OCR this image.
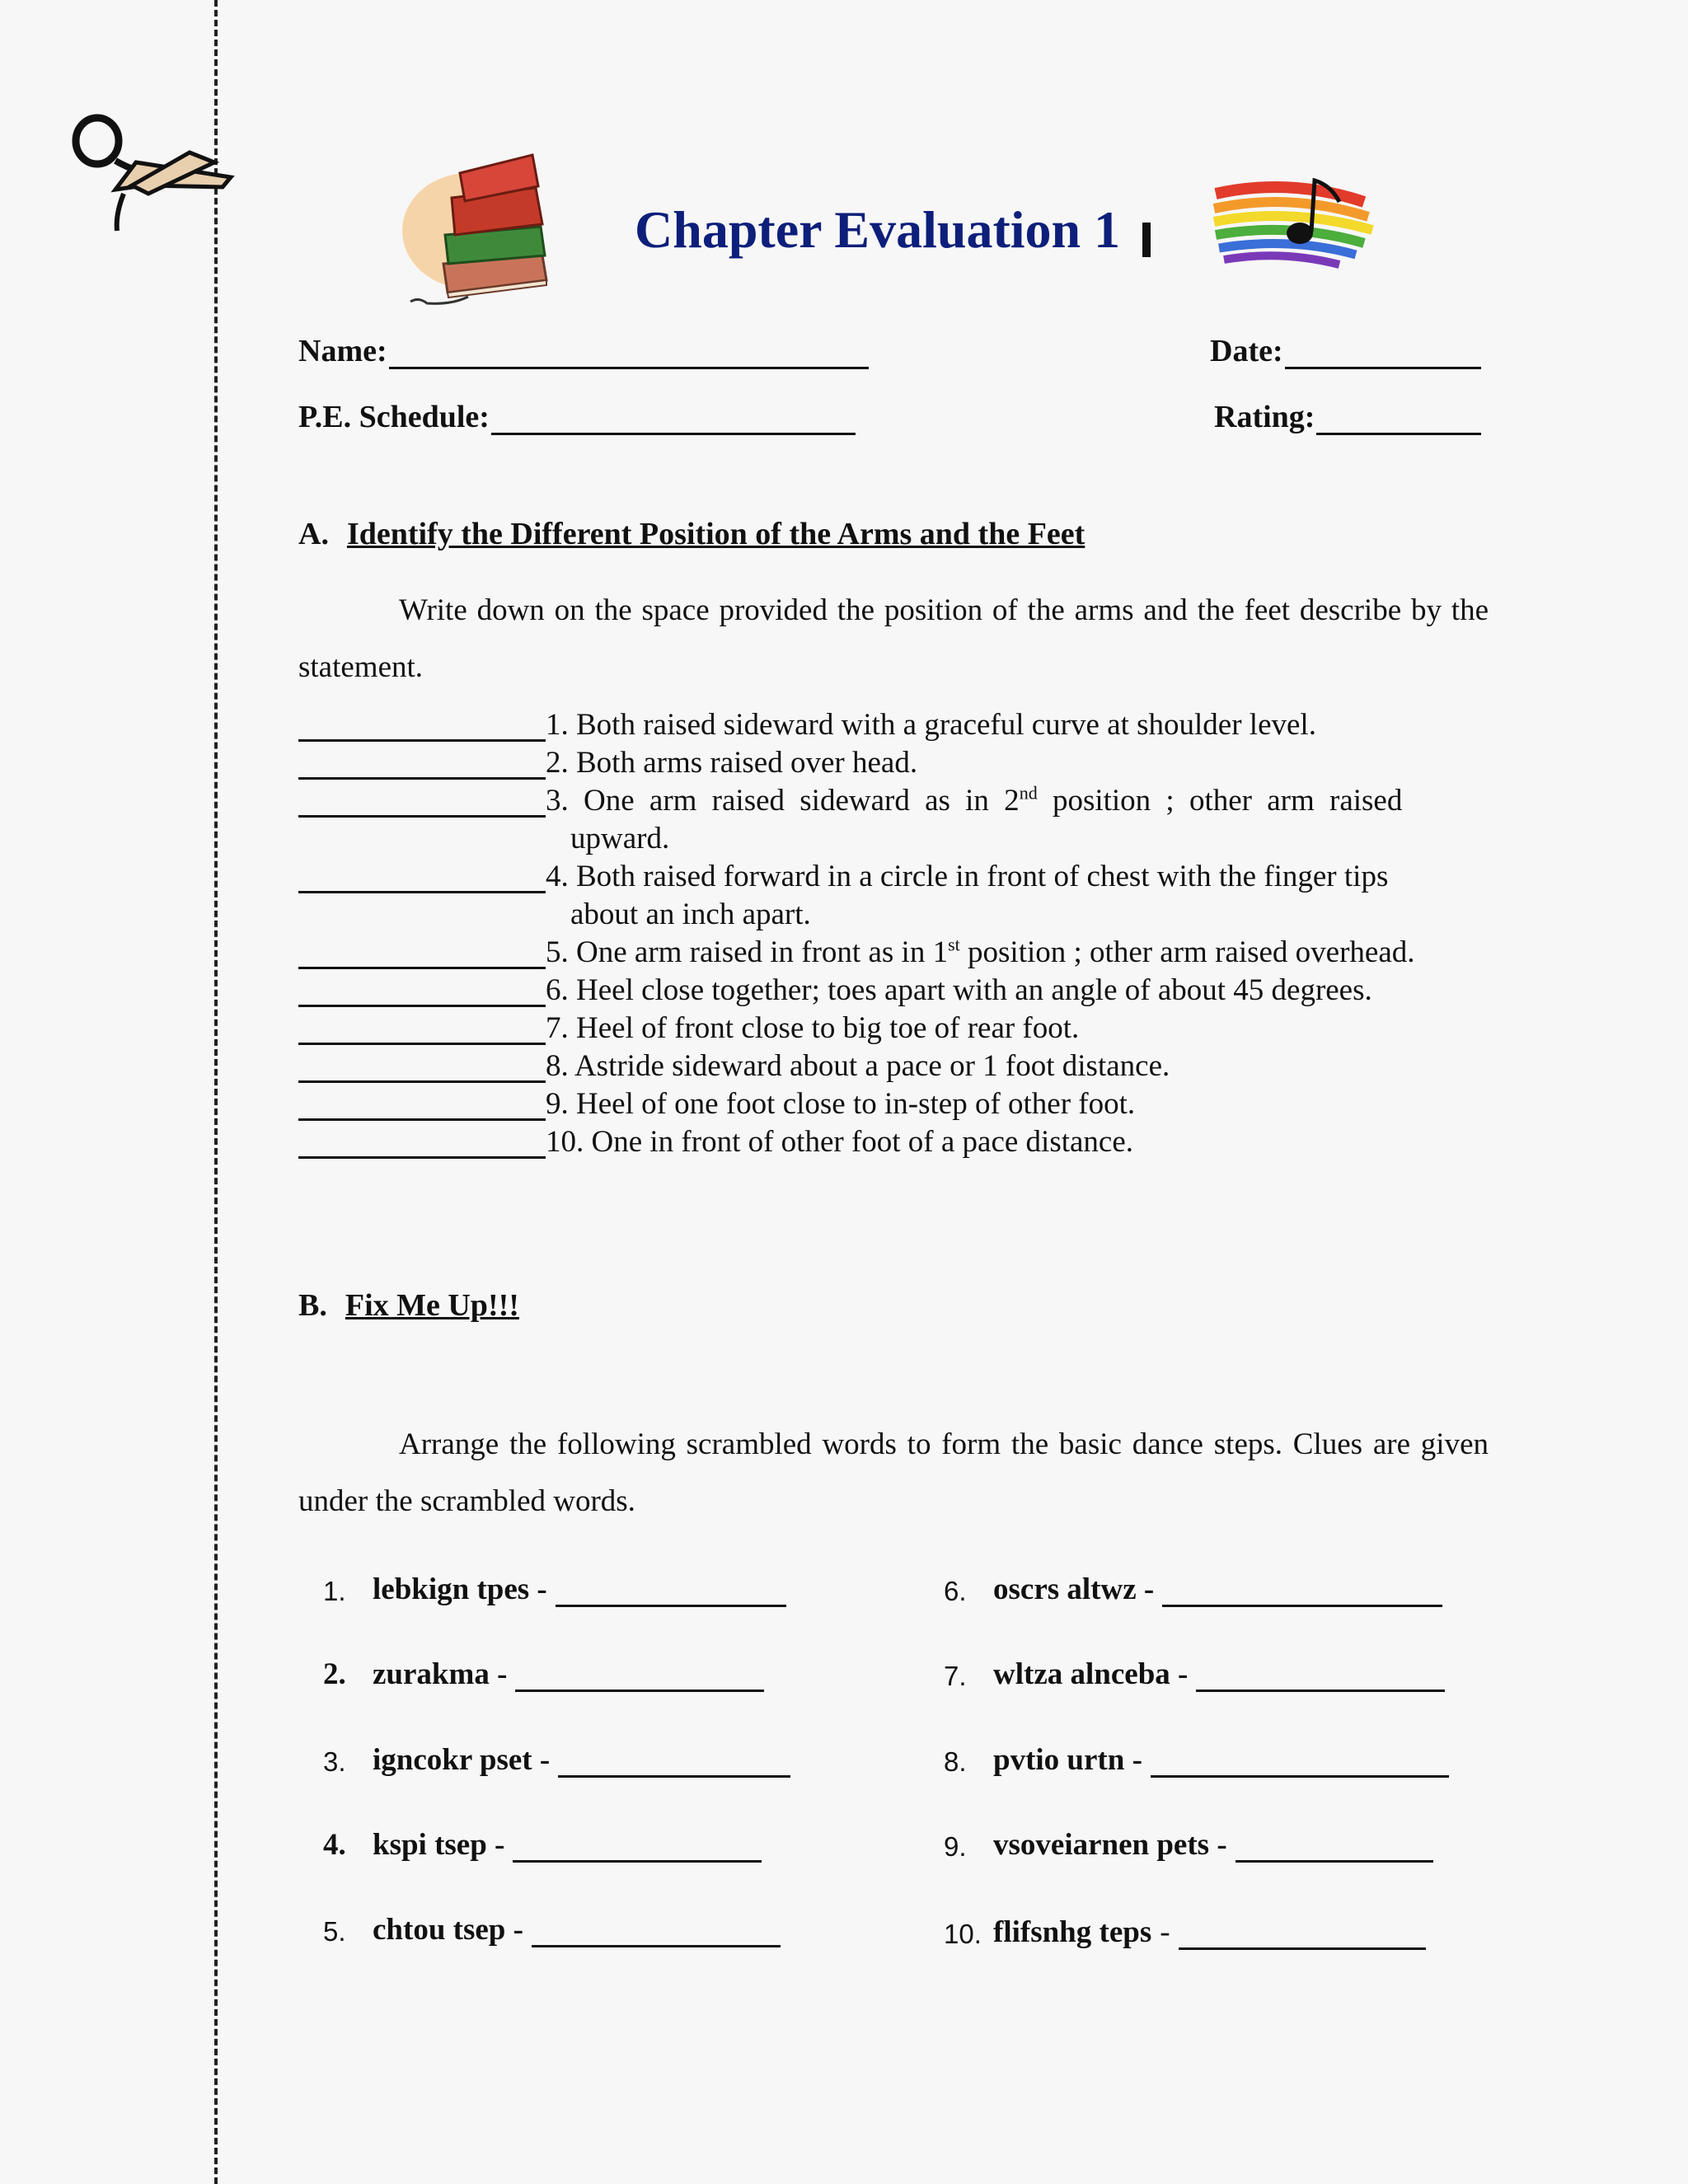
Chapter Evaluation 1
Name:	Date:
P.E. Schedule:	Rating:
A. Identify the Different Position of the Arms and the Feet

Write down on the space provided the position of the arms and the feet describe by the statement.

1. Both raised sideward with a graceful curve at shoulder level.
2. Both arms raised over head.
3. One arm raised sideward as in 2nd position ; other arm raised
upward.
4. Both raised forward in a circle in front of chest with the finger tips
about an inch apart.
5. One arm raised in front as in 1st position ; other arm raised overhead.
6. Heel close together; toes apart with an angle of about 45 degrees.
7. Heel of front close to big toe of rear foot.
8. Astride sideward about a pace or 1 foot distance.
9. Heel of one foot close to in-step of other foot.
10. One in front of other foot of a pace distance.
B. Fix Me Up!!!

Arrange the following scrambled words to form the basic dance steps. Clues are given under the scrambled words.

1. lebkign tpes -
2. zurakma -
3. igncokr pset -
4. kspi tsep -
5. chtou tsep -
6. oscrs altwz -
7. wltza alnceba -
8. pvtio urtn -
9. vsoveiarnen pets -
10. flifsnhg teps -
